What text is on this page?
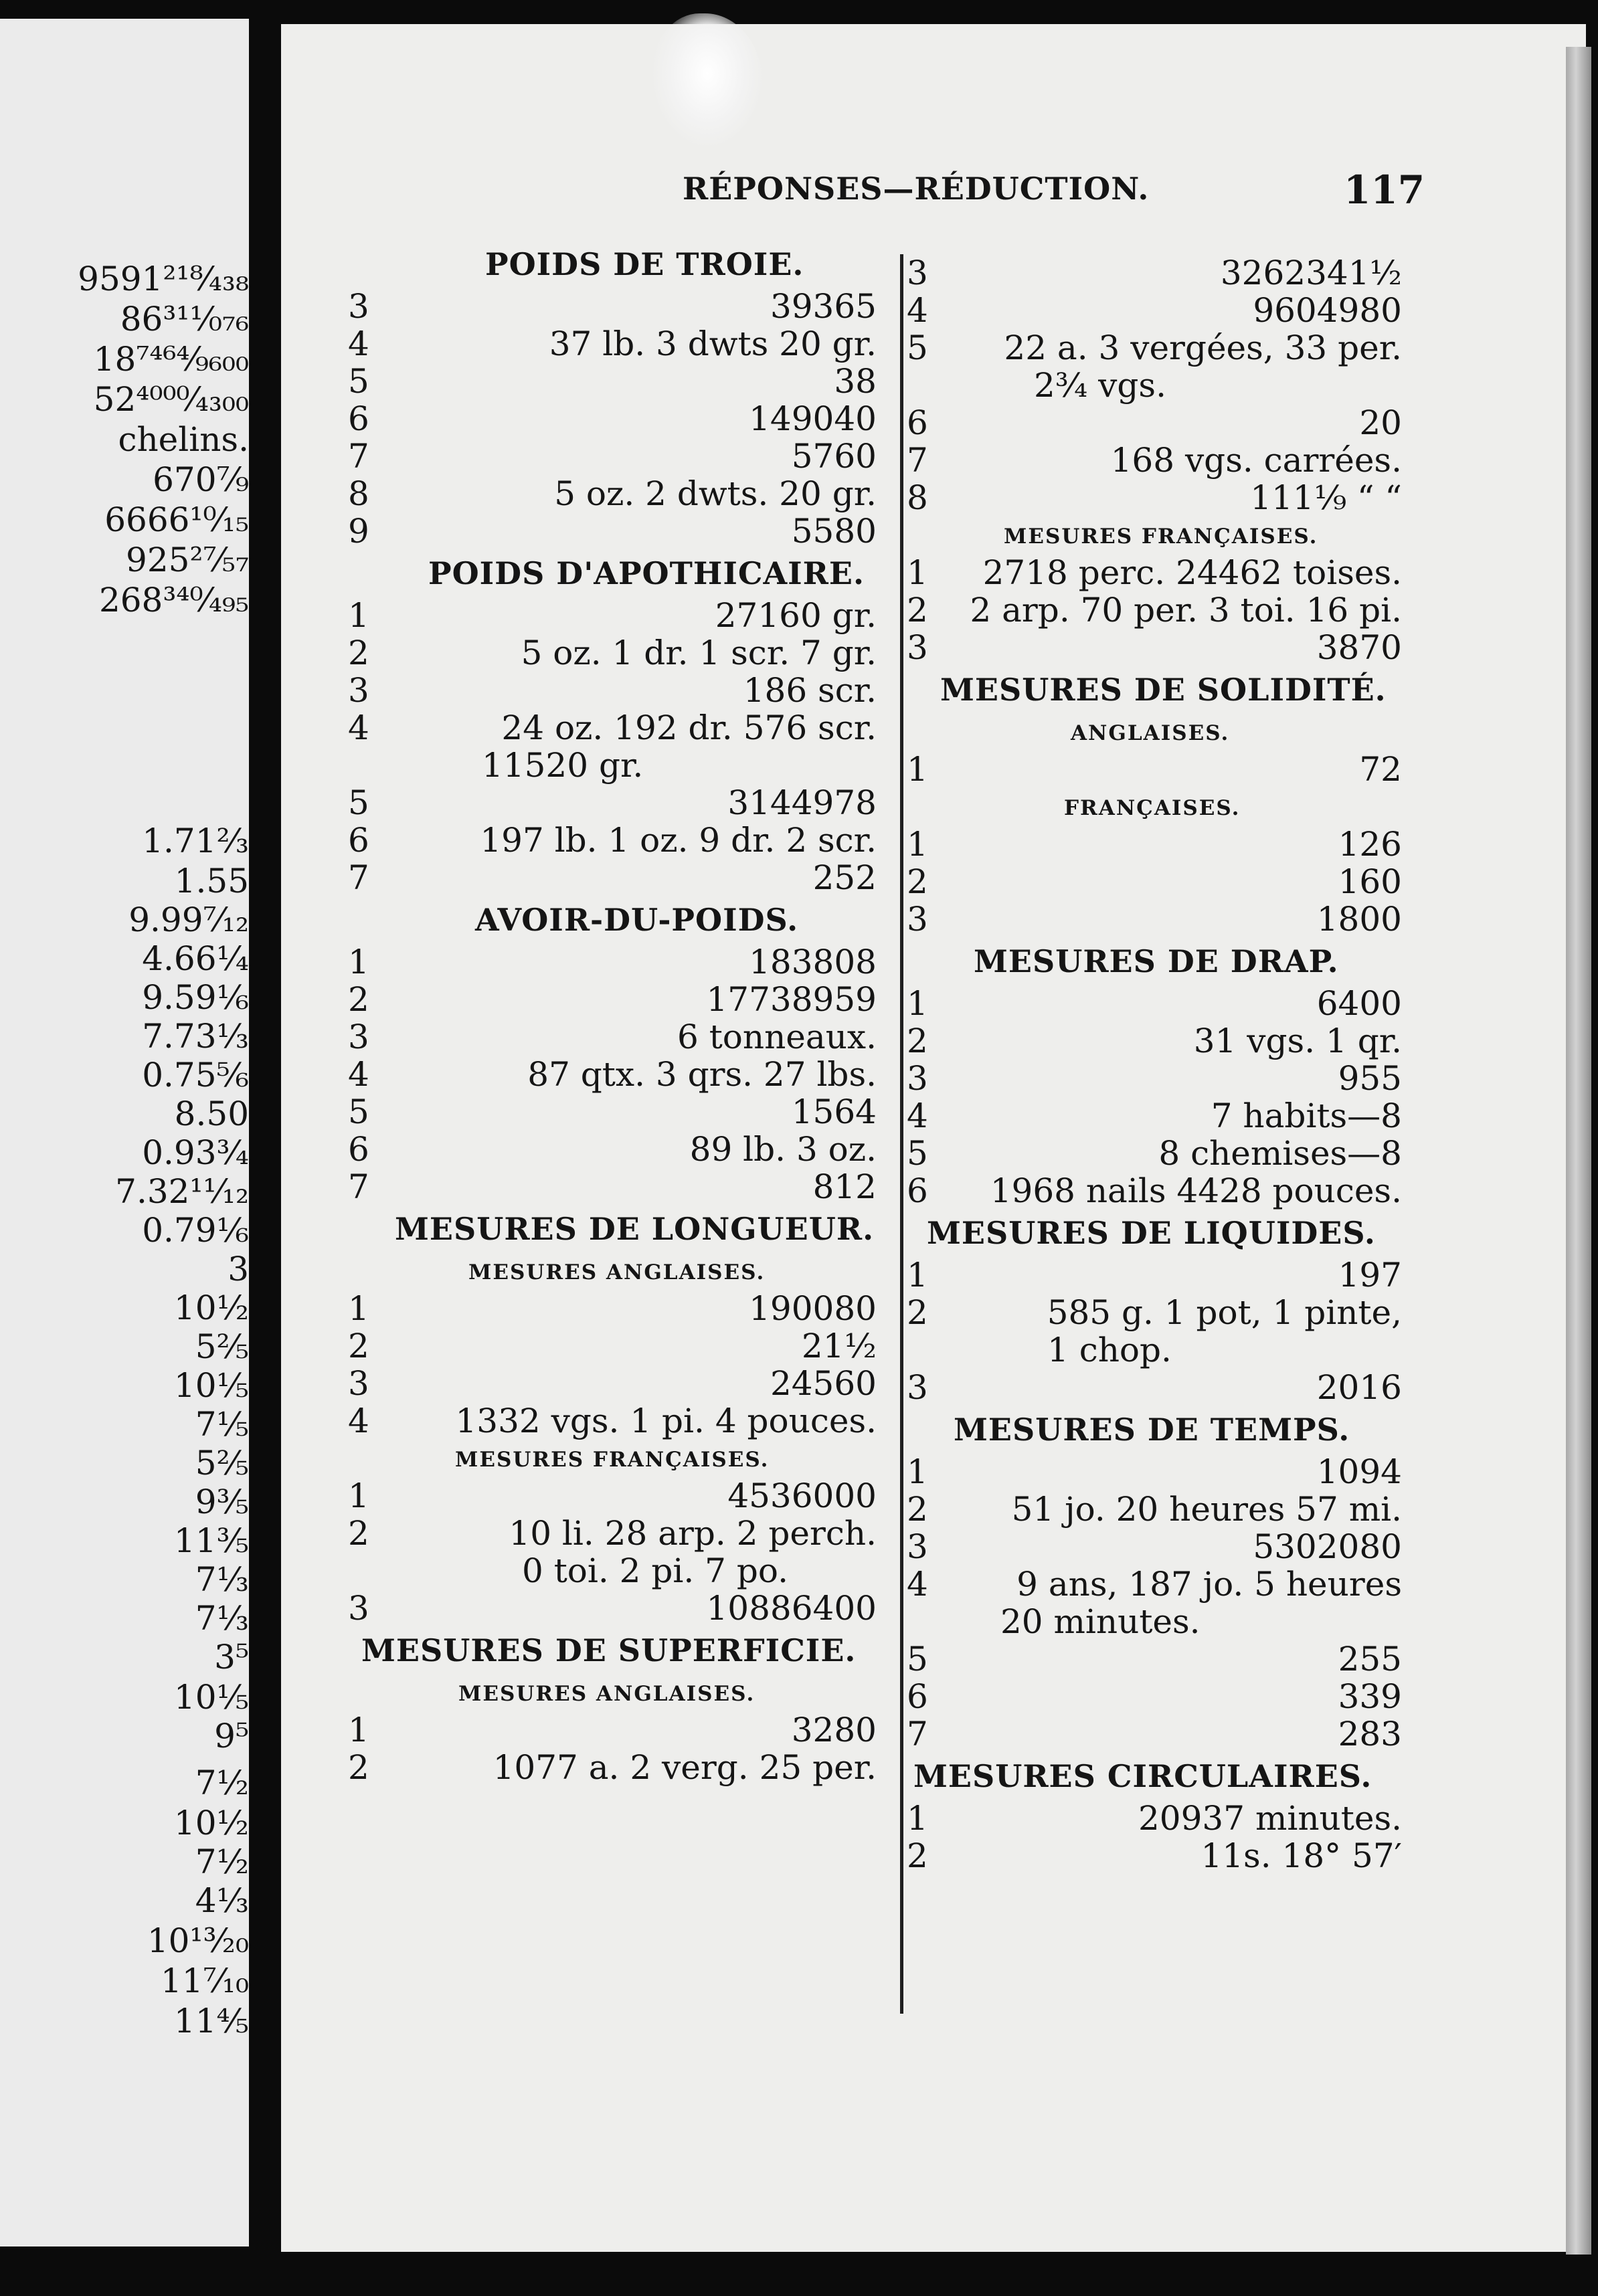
9591²¹⁸⁄₄₃₈
86³¹¹⁄₀₇₆
18⁷⁴⁶⁴⁄₉₆₀₀
52⁴⁰⁰⁰⁄₄₃₀₀
chelins.
670⁷⁄₉
6666¹⁰⁄₁₅
925²⁷⁄₅₇
268³⁴⁰⁄₄₉₅
1.71⅔
1.55
9.99⁷⁄₁₂
4.66¼
9.59⅙
7.73⅓
0.75⅚
8.50
0.93¾
7.32¹¹⁄₁₂
0.79⅙
3
10½
5⅖
10⅕
7⅕
5⅖
9⅗
11⅗
7⅓
7⅓
3⁵
10⅕
9⁵
7½
10½
7½
4⅓
10¹³⁄₂₀
11⁷⁄₁₀
11⅘
RÉPONSES—RÉDUCTION.	117
POIDS DE TROIE.
3	39365
4	37 lb. 3 dwts 20 gr.
5	38
6	149040
7	5760
8	5 oz. 2 dwts. 20 gr.
9	5580
POIDS D'APOTHICAIRE.
1	27160 gr.
2	5 oz. 1 dr. 1 scr. 7 gr.
3	186 scr.
4	24 oz. 192 dr. 576 scr.
11520 gr.
5	3144978
6	197 lb. 1 oz. 9 dr. 2 scr.
7	252
AVOIR-DU-POIDS.
1	183808
2	17738959
3	6 tonneaux.
4	87 qtx. 3 qrs. 27 lbs.
5	1564
6	89 lb. 3 oz.
7	812
MESURES DE LONGUEUR.
MESURES ANGLAISES.
1	190080
2	21½
3	24560
4	1332 vgs. 1 pi. 4 pouces.
MESURES FRANÇAISES.
1	4536000
2	10 li. 28 arp. 2 perch.
0 toi. 2 pi. 7 po.
3	10886400
MESURES DE SUPERFICIE.
MESURES ANGLAISES.
1	3280
2	1077 a. 2 verg. 25 per.
3	3262341½
4	9604980
5 22 a. 3 vergées, 33 per.
2¾ vgs.
6	20
7	168 vgs. carrées.
8	111⅑ “ “
MESURES FRANÇAISES.
1 2718 perc. 24462 toises.
2 2 arp. 70 per. 3 toi. 16 pi.
3	3870
MESURES DE SOLIDITÉ.
ANGLAISES.
1	72
FRANÇAISES.
1	126
2	160
3	1800
MESURES DE DRAP.
1	6400
2	31 vgs. 1 qr.
3	955
4	7 habits—8
5	8 chemises—8
6 1968 nails 4428 pouces.
MESURES DE LIQUIDES.
1	197
2	585 g. 1 pot, 1 pinte,
1 chop.
3	2016
MESURES DE TEMPS.
1	1094
2 51 jo. 20 heures 57 mi.
3	5302080
4	9 ans, 187 jo. 5 heures
20 minutes.
5	255
6	339
7	283
MESURES CIRCULAIRES.
1	20937 minutes.
2	11s. 18° 57′
